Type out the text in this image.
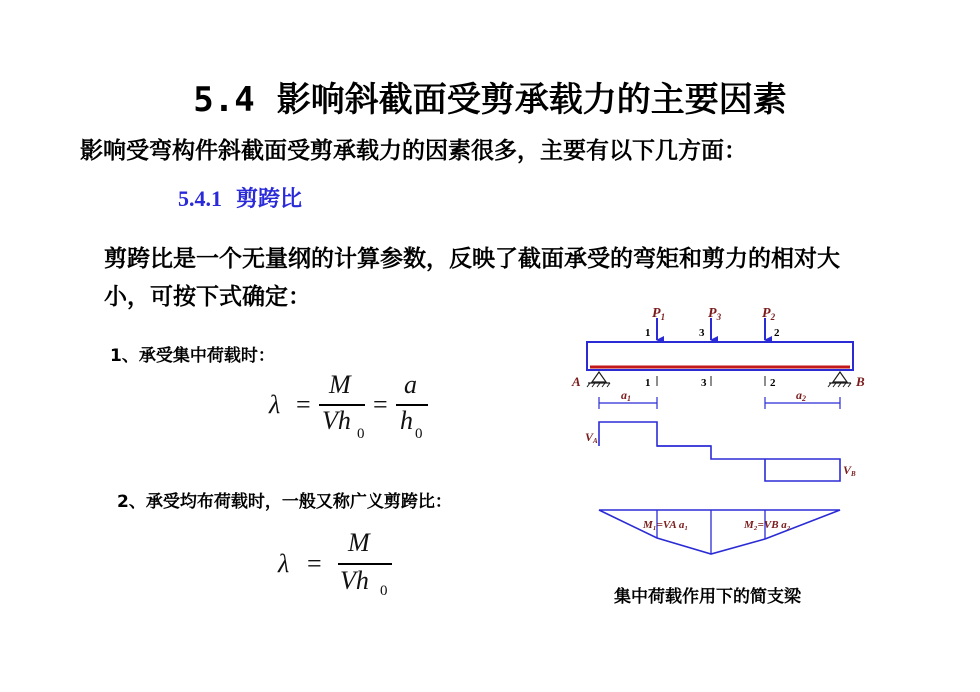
5.4 影响斜截面受剪承载力的主要因素
影响受弯构件斜截面受剪承载力的因素很多，主要有以下几方面：
5.4.1 剪跨比
剪跨比是一个无量纲的计算参数，反映了截面承受的弯矩和剪力的相对大小，可按下式确定：
1、承受集中荷载时：
λ =
M
Vh 0
=
a
h 0
2、承受均布荷载时，一般又称广义剪跨比：
λ =
M
Vh 0
$P_1$
1
$P_3$
3
$P_2$
2
A	B
1	3	2
a1	a2
VA
VB
M₁=VA a₁	M₂=VB a₂
集中荷载作用下的简支梁
